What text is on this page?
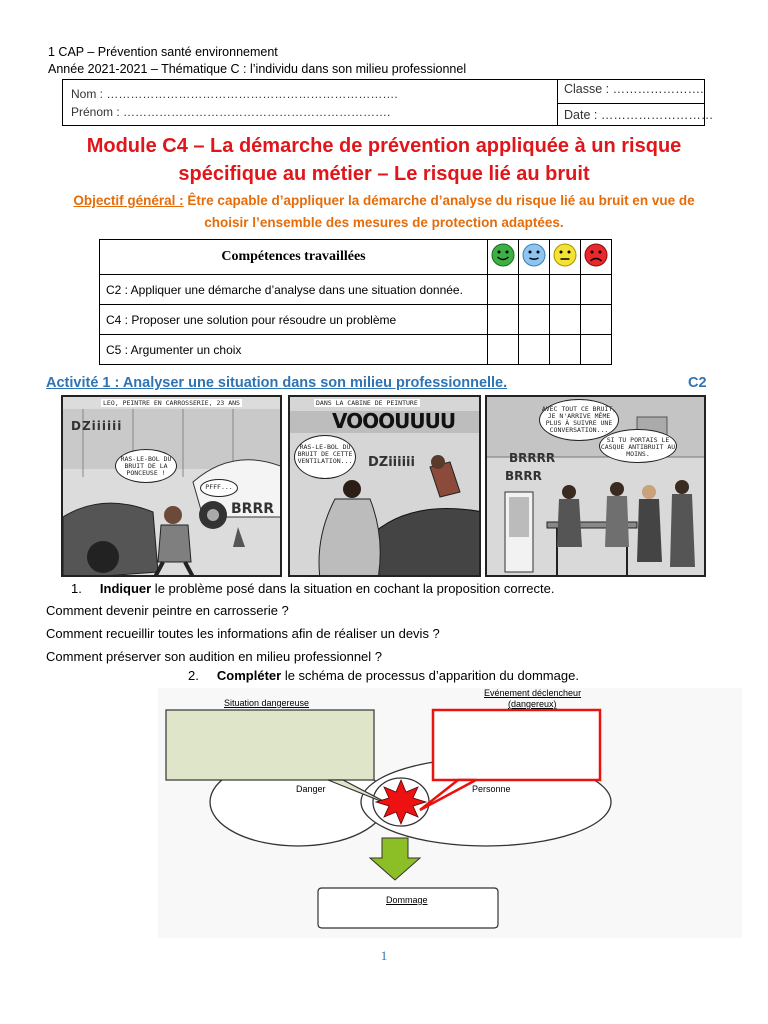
1 CAP – Prévention santé environnement
Année 2021-2021 – Thématique C : l’individu dans son milieu professionnel
Nom : ……………………………………………………………….
Prénom : ………………………………………………………….
Classe : ………………….
Date : ………………………
Module C4 – La démarche de prévention appliquée à un risque
spécifique au métier – Le risque lié au bruit
Objectif général : Être capable d’appliquer la démarche d’analyse du risque lié au bruit en vue de
choisir l’ensemble des mesures de protection adaptées.
Compétences travaillées				
C2 : Appliquer une démarche d’analyse dans une situation donnée.				
C4 : Proposer une solution pour résoudre un problème				
C5 : Argumenter un choix				
Activité 1 : Analyser une situation dans son milieu professionnelle.	C2
LEO, PEINTRE EN CARROSSERIE, 23 ANS
DZiiiiii
RAS-LE-BOL DU BRUIT DE LA PONCEUSE !
PFFF...
BRRR
DANS LA CABINE DE PEINTURE
VOOOUUUU
RAS-LE-BOL DU BRUIT DE CETTE VENTILATION... DZiiiiii
AVEC TOUT CE BRUIT, JE N'ARRIVE MÊME PLUS À SUIVRE UNE CONVERSATION...
SI TU PORTAIS LE CASQUE ANTIBRUIT AU MOINS.
BRRRR
BRRR
1. Indiquer le problème posé dans la situation en cochant la proposition correcte.
Comment devenir peintre en carrosserie ?
Comment recueillir toutes les informations afin de réaliser un devis ?
Comment préserver son audition en milieu professionnel ?
2. Compléter le schéma de processus d’apparition du dommage.
Situation dangereuse
Evénement déclencheur
(dangereux)
Danger	Personne
Dommage
1
